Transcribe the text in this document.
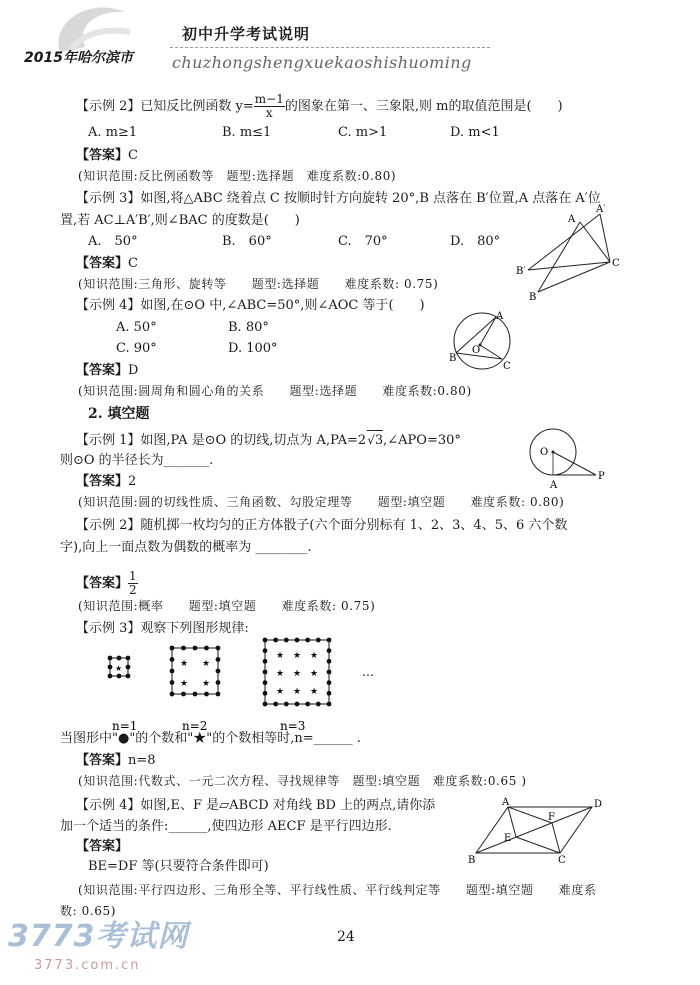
2015年哈尔滨市
初中升学考试说明
chuzhongshengxuekaoshishuoming
【示例 2】已知反比例函数 $y= \frac{m-1}{x}$ 的图象在第一、三象限,则 m的取值范围是(　　)
A. m≥1	B. m≤1	C. m>1	D. m<1
【答案】C
(知识范围:反比例函数等　题型:选择题　难度系数:0.80)
【示例 3】如图,将△ABC 绕着点 C 按顺时针方向旋转 20°,B 点落在 B′位置,A 点落在 A′位
置,若 AC⊥A′B′,则∠BAC 的度数是(　　)
A.　50°	B.　60°	C.　70°	D.　80°
【答案】C
(知识范围:三角形、旋转等　　题型:选择题　　难度系数: 0.75)
A
A′
B′
C
B
【示例 4】如图,在⊙O 中,∠ABC=50°,则∠AOC 等于(　　)
A. 50°	B. 80°
C. 90°	D. 100°
【答案】D
(知识范围:圆周角和圆心角的关系　　题型:选择题　　难度系数:0.80)
A
B
O
C
2. 填空题
【示例 1】如图,PA 是⊙O 的切线,切点为 A,PA=2√3,∠APO=30°
则⊙O 的半径长为_______.
【答案】2
(知识范围:圆的切线性质、三角函数、勾股定理等　　题型:填空题　　难度系数: 0.80)
O
A
P
【示例 2】随机掷一枚均匀的正方体骰子(六个面分别标有 1、2、3、4、5、6 六个数
字),向上一面点数为偶数的概率为 ________.
【答案】 $\frac{1}{2}$
(知识范围:概率　　题型:填空题　　难度系数: 0.75)
【示例 3】观察下列图形规律:
★	★ ★
★ ★
★ ★ ★
★ ★ ★
★ ★ ★
…
n=1	n=2	n=3
当图形中"●"的个数和"★"的个数相等时,n=______ .
【答案】n=8
(知识范围:代数式、一元二次方程、寻找规律等　题型:填空题　难度系数:0.65 )
【示例 4】如图,E、F 是▱ABCD 对角线 BD 上的两点,请你添
加一个适当的条件:______,使四边形 AECF 是平行四边形.
【答案】
BE=DF 等(只要符合条件即可)
(知识范围:平行四边形、三角形全等、平行线性质、平行线判定等　　题型:填空题　　难度系
数: 0.65)
A	D
F
E
B	C
24
3773考试网
3773.com.cn
